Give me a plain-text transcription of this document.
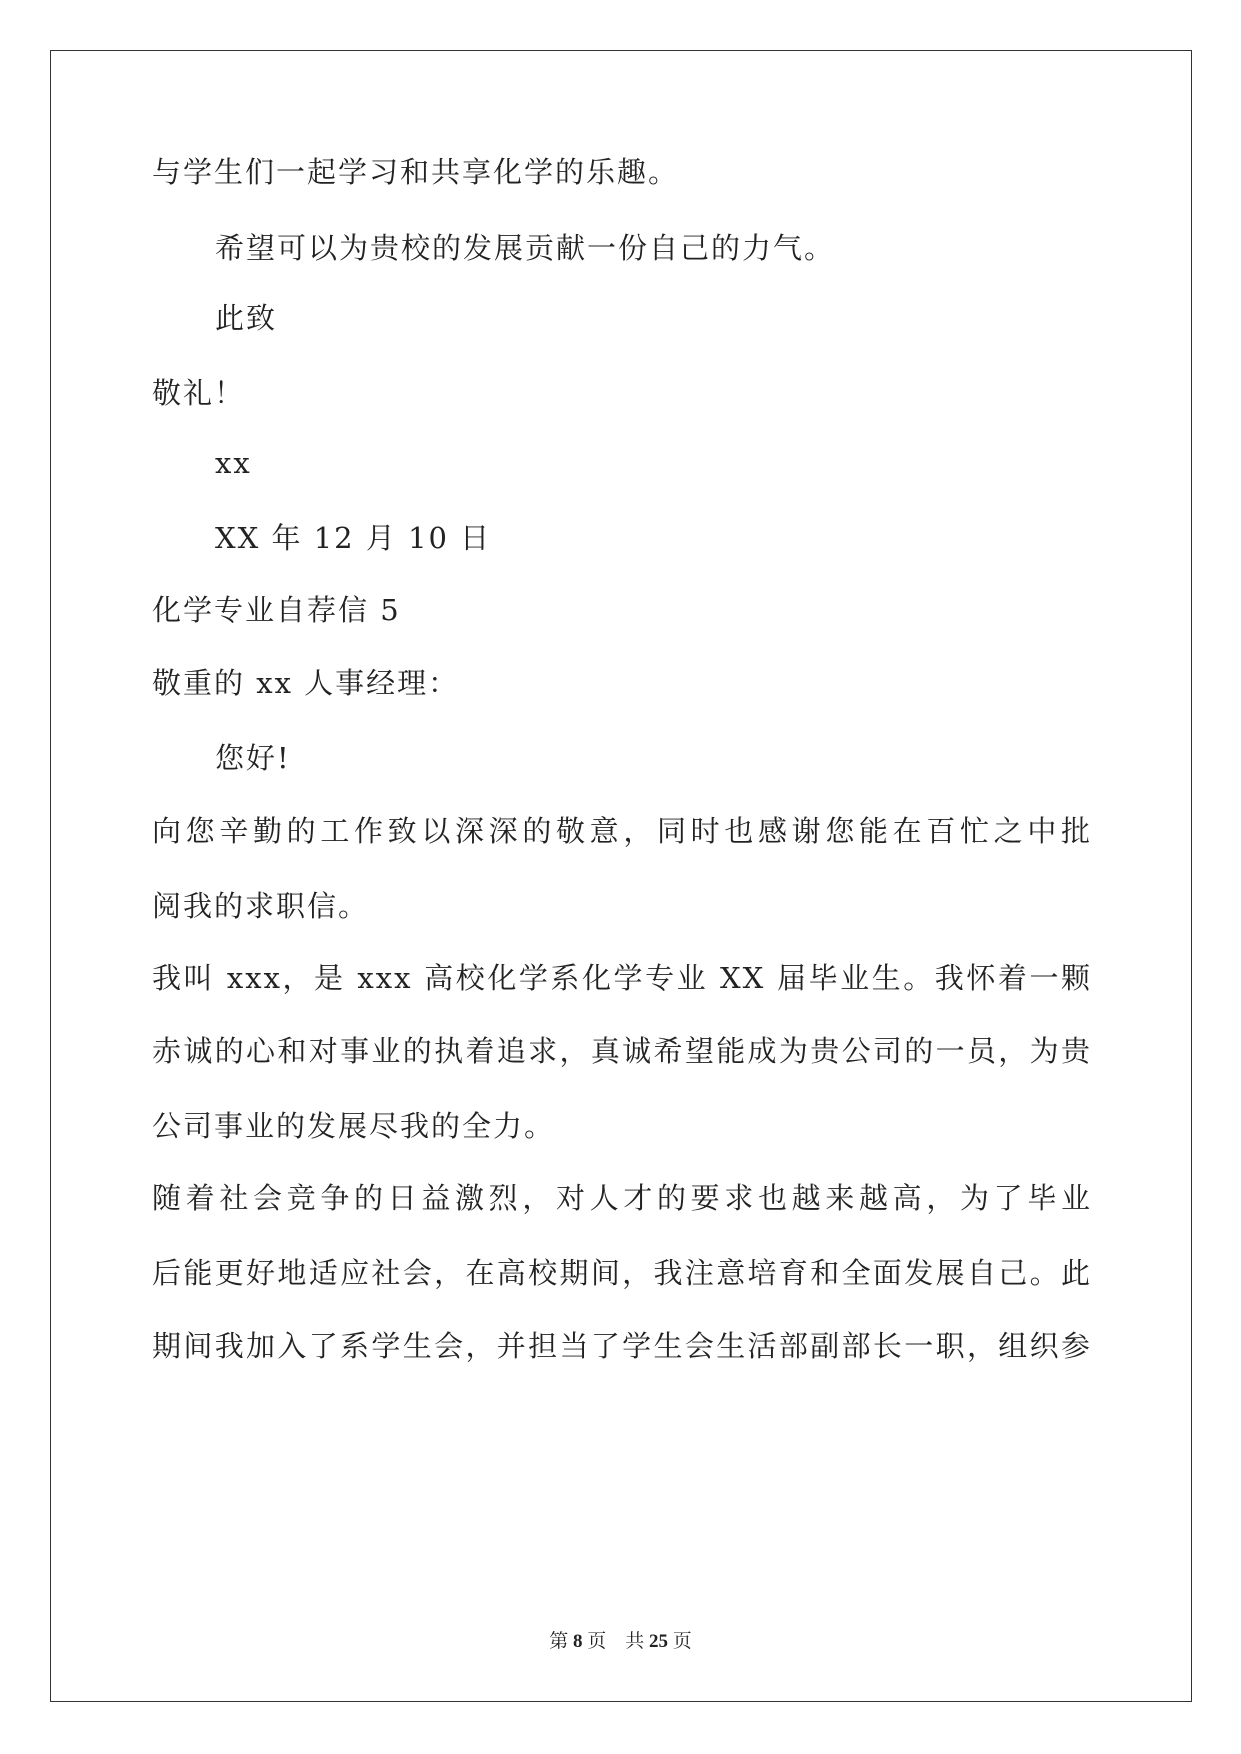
与学生们一起学习和共享化学的乐趣。
希望可以为贵校的发展贡献一份自己的力气。
此致
敬礼！
xx
XX 年 12 月 10 日
化学专业自荐信 5
敬重的 xx 人事经理：
您好!
向您辛勤的工作致以深深的敬意，同时也感谢您能在百忙之中批
阅我的求职信。
我叫 xxx，是 xxx 高校化学系化学专业 XX 届毕业生。我怀着一颗
赤诚的心和对事业的执着追求，真诚希望能成为贵公司的一员，为贵
公司事业的发展尽我的全力。
随着社会竞争的日益激烈，对人才的要求也越来越高，为了毕业
后能更好地适应社会，在高校期间，我注意培育和全面发展自己。此
期间我加入了系学生会，并担当了学生会生活部副部长一职，组织参
第 8 页 共 25 页
